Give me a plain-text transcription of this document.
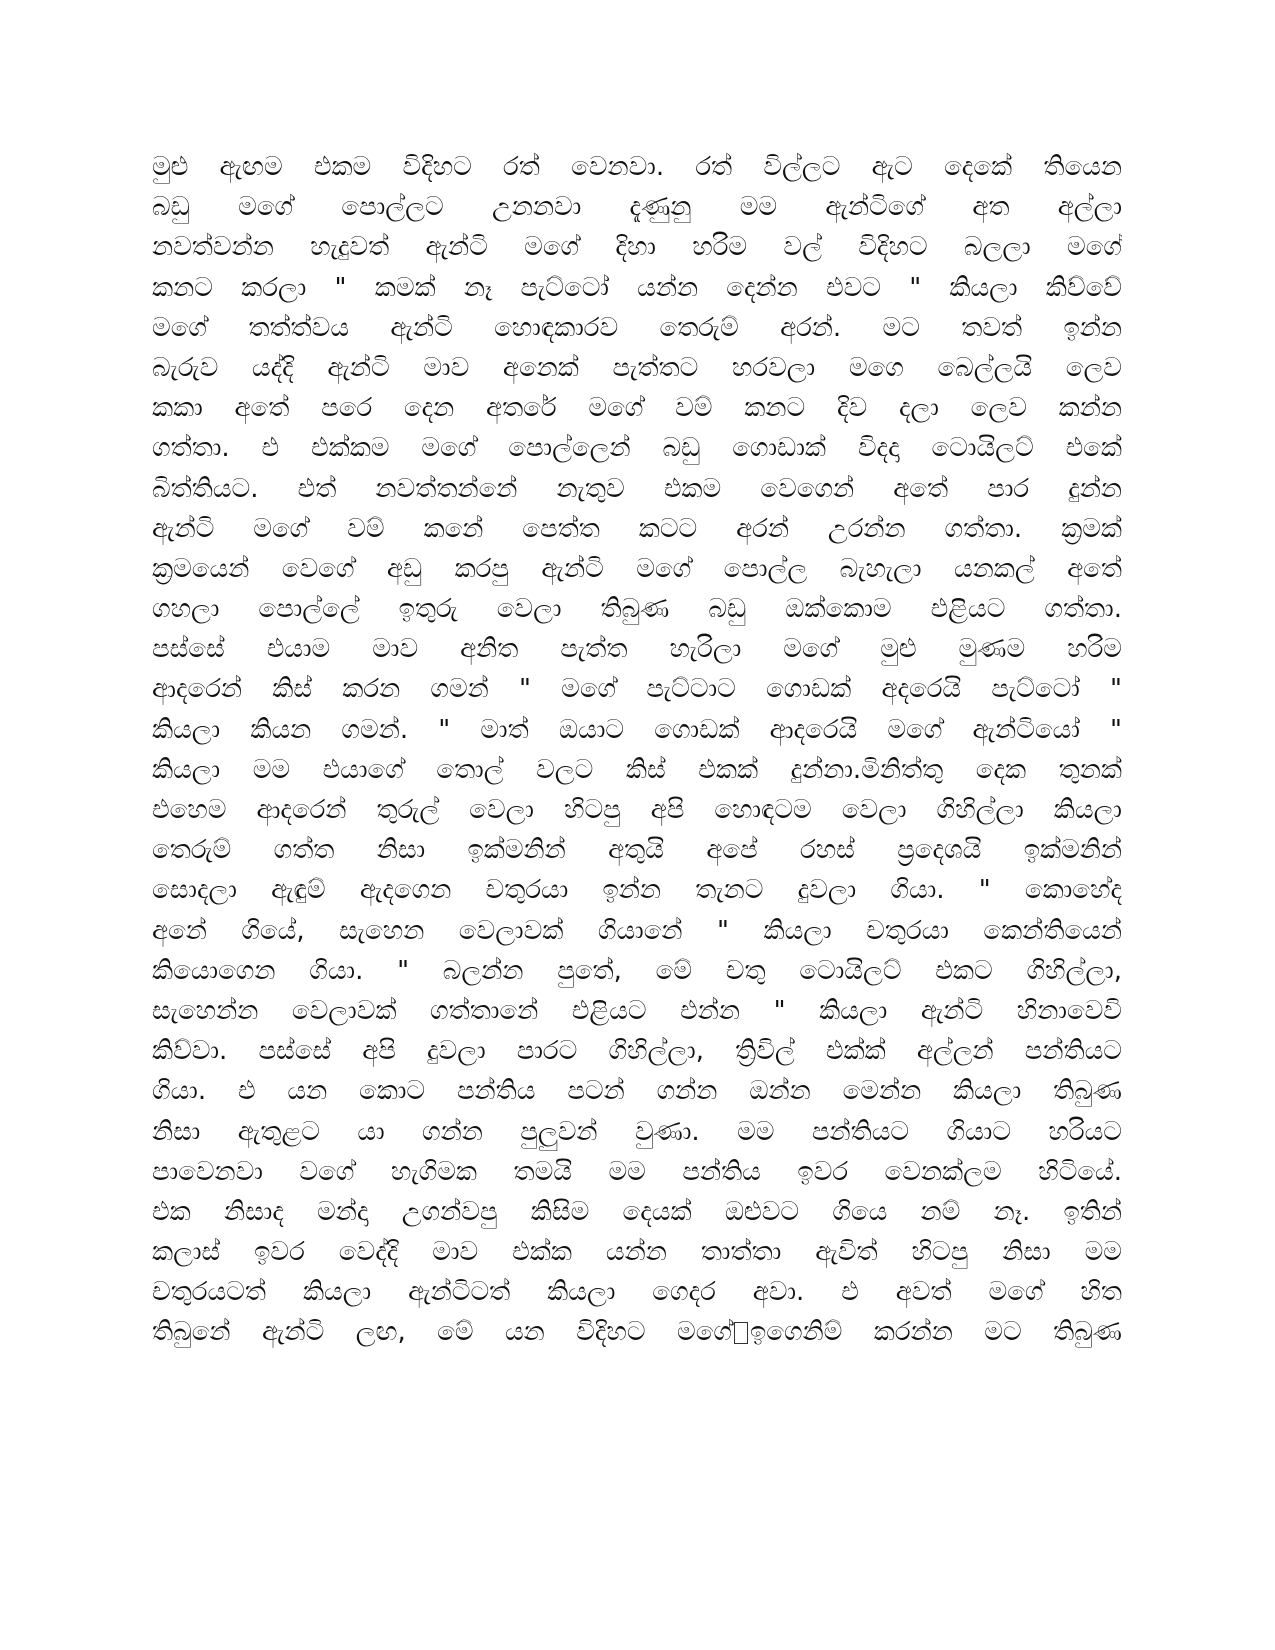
මුළු ඇඟම එකම විදිහට රත් වෙනවා. රත් විල්ලට ඇට දෙකේ තියෙන
බඩු මගේ පොල්ලට උනනවා දැණුනු මම ඇන්ටිගේ අත අල්ලා
නවත්වන්න හැදුවත් ඇන්ටි මගේ දිහා හරිම වල් විදිහට බලලා මගේ
කනට කරලා " කමක් නෑ පැට්ටෝ යන්න දෙන්න එවට " කියලා කිව්වේ
මගේ තත්ත්වය ඇන්ටි හොඳකාරව තෙරුම් අරන්. මට තවත් ඉන්න
බැරුව යද්දි ඇන්ටි මාව අනෙක් පැත්තට හරවලා මගෙ බෙල්ලයි ලෙව
කකා අතේ පරෙ දෙන අතරේ මගේ වම් කනට දිව දලා ලෙව කන්න
ගත්තා. එ එක්කම මගේ පොල්ලෙන් බඩු ගොඩාක් විදදා ටොයිලට් එකේ
බිත්තියට. එත් නවත්තන්නේ නැතුව එකම වෙගෙන් අතේ පාර දුන්න
ඇන්ටි මගේ වම් කනේ පෙත්ත කටට අරන් උරන්න ගත්තා. ක්‍රමක්
ක්‍රමයෙන් වෙගේ අඩු කරපු ඇන්ටි මගේ පොල්ල බැහැලා යනකල් අතේ
ගහලා පොල්ලේ ඉතුරු වෙලා තිබුණ බඩු ඔක්කොම එළියට ගත්තා.
පස්සේ එයාම මාව අනිත පැත්ත හැරිලා මගේ මුළු මුණම හරිම
ආදරෙන් කිස් කරන ගමන් " මගේ පැට්ටාට ගොඩක් අදරෙයි පැට්ටෝ "
කියලා කියන ගමන්. " මාත් ඔයාට ගොඩක් ආදරෙයි මගේ ඇන්ටියෝ "
කියලා මම එයාගේ තොල් වලට කිස් එකක් දුන්නා.මිනිත්තු දෙක තුනක්
එහෙම ආදරෙන් තුරුල් වෙලා හිටපු අපි හොඳටම වෙලා ගිහිල්ලා කියලා
තෙරුම් ගත්ත නිසා ඉක්මනින් අතුයි අපේ රහස් ප්‍රදෙශයි ඉක්මනින්
සොදලා ඇඳුම් ඇදගෙන චතුරයා ඉන්න තැනට දුවලා ගියා. " කොහේද
අනේ ගියේ, සැහෙන වෙලාවක් ගියානේ " කියලා චතුරයා කෙන්තියෙන්
කියොගෙන ගියා. " බලන්න පුතේ, මේ චතු ටොයිලට් එකට ගිහිල්ලා,
සැහෙන්න වෙලාවක් ගත්තානේ එළියට එන්න " කියලා ඇන්ටි හිනාවෙවි
කිව්වා. පස්සේ අපි දුවලා පාරට ගිහිල්ලා, ත්‍රිවිල් එක්ක් අල්ලන් පන්තියට
ගියා. එ යන කොට පන්තිය පටන් ගන්න ඔන්න මෙන්න කියලා තිබුණ
නිසා ඇතුළට යා ගන්න පුලුවන් වුණා. මම පන්තියට ගියාට හරියට
පාවෙනවා වගේ හැගිමක තමයි මම පන්තිය ඉවර වෙනක්ලම හිටියේ.
එක නිසාද මන්දා උගන්වපු කිසිම දෙයක් ඔළුවට ගියෙ නම් නෑ. ඉතින්
කලාස් ඉවර වෙද්දි මාව එක්ක යන්න තාත්තා ඇවිත් හිටපු නිසා මම
චතුරයටත් කියලා ඇන්ටිටත් කියලා ගෙදර අවා. එ අවත් මගේ හිත
තිබුනේ ඇන්ටි ලඟ, මේ යන විදිහට මගේ ඉගෙනිම් කරන්න මට තිබුණ
